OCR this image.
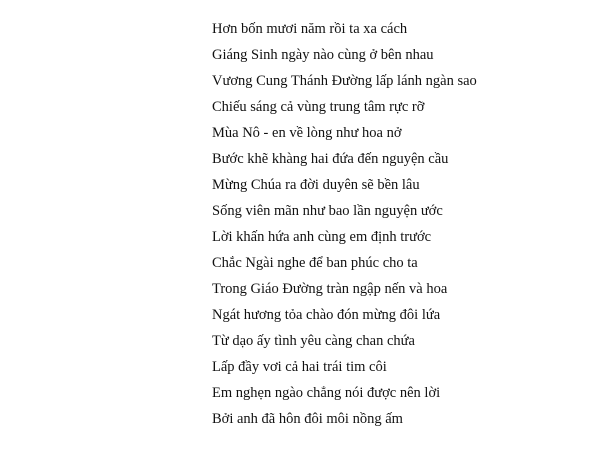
Hơn bốn mươi năm rồi ta xa cách
Giáng Sinh ngày nào cùng ở bên nhau
Vương Cung Thánh Đường lấp lánh ngàn sao
Chiếu sáng cả vùng trung tâm rực rỡ
Mùa Nô - en về lòng như hoa nở
Bước khẽ khàng hai đứa đến nguyện cầu
Mừng Chúa ra đời duyên sẽ bền lâu
Sống viên mãn như bao lần nguyện ước
Lời khấn hứa anh cùng em định trước
Chắc Ngài nghe để ban phúc cho ta
Trong Giáo Đường tràn ngập nến và hoa
Ngát hương tỏa chào đón mừng đôi lứa
Từ dạo ấy tình yêu càng chan chứa
Lấp đầy vơi cả hai trái tim côi
Em nghẹn ngào chẳng nói được nên lời
Bởi anh đã hôn đôi môi nồng ấm
